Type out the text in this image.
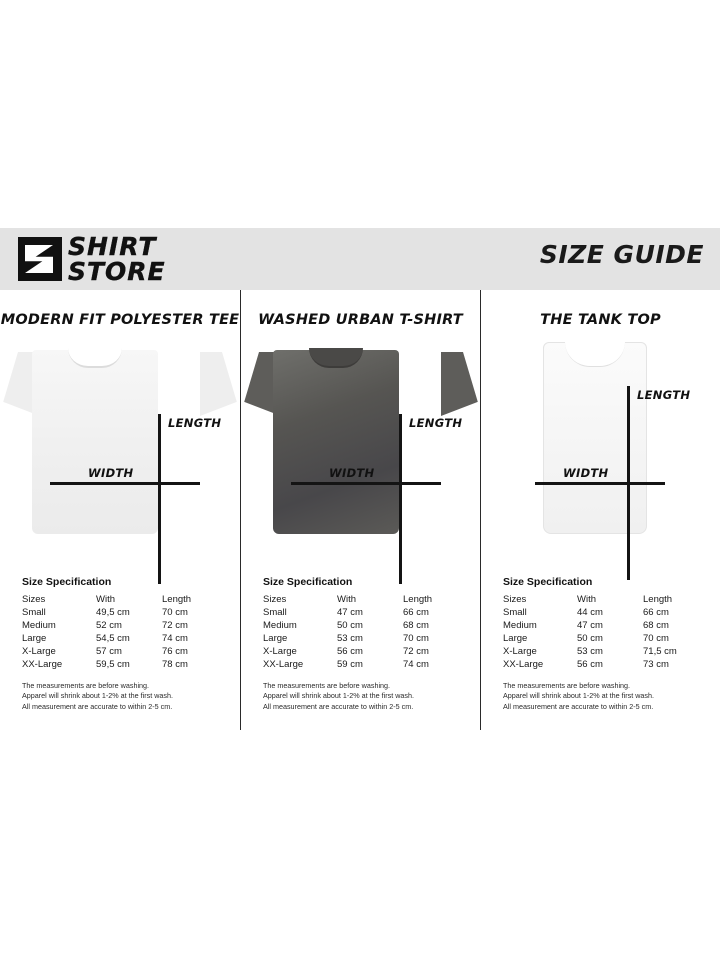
SHIRT
STORE
SIZE GUIDE
MODERN FIT POLYESTER TEE
LENGTH
WIDTH
Size Specification
Sizes	With	Length
Small	49,5 cm	70 cm
Medium	52 cm	72 cm
Large	54,5 cm	74 cm
X-Large	57 cm	76 cm
XX-Large	59,5 cm	78 cm
The measurements are before washing.
Apparel will shrink about 1-2% at the first wash.
All measurement are accurate to within 2-5 cm.
WASHED URBAN T-SHIRT
LENGTH
WIDTH
Size Specification
Sizes	With	Length
Small	47 cm	66 cm
Medium	50 cm	68 cm
Large	53 cm	70 cm
X-Large	56 cm	72 cm
XX-Large	59 cm	74 cm
The measurements are before washing.
Apparel will shrink about 1-2% at the first wash.
All measurement are accurate to within 2-5 cm.
THE TANK TOP
LENGTH
WIDTH
Size Specification
Sizes	With	Length
Small	44 cm	66 cm
Medium	47 cm	68 cm
Large	50 cm	70 cm
X-Large	53 cm	71,5 cm
XX-Large	56 cm	73 cm
The measurements are before washing.
Apparel will shrink about 1-2% at the first wash.
All measurement are accurate to within 2-5 cm.
